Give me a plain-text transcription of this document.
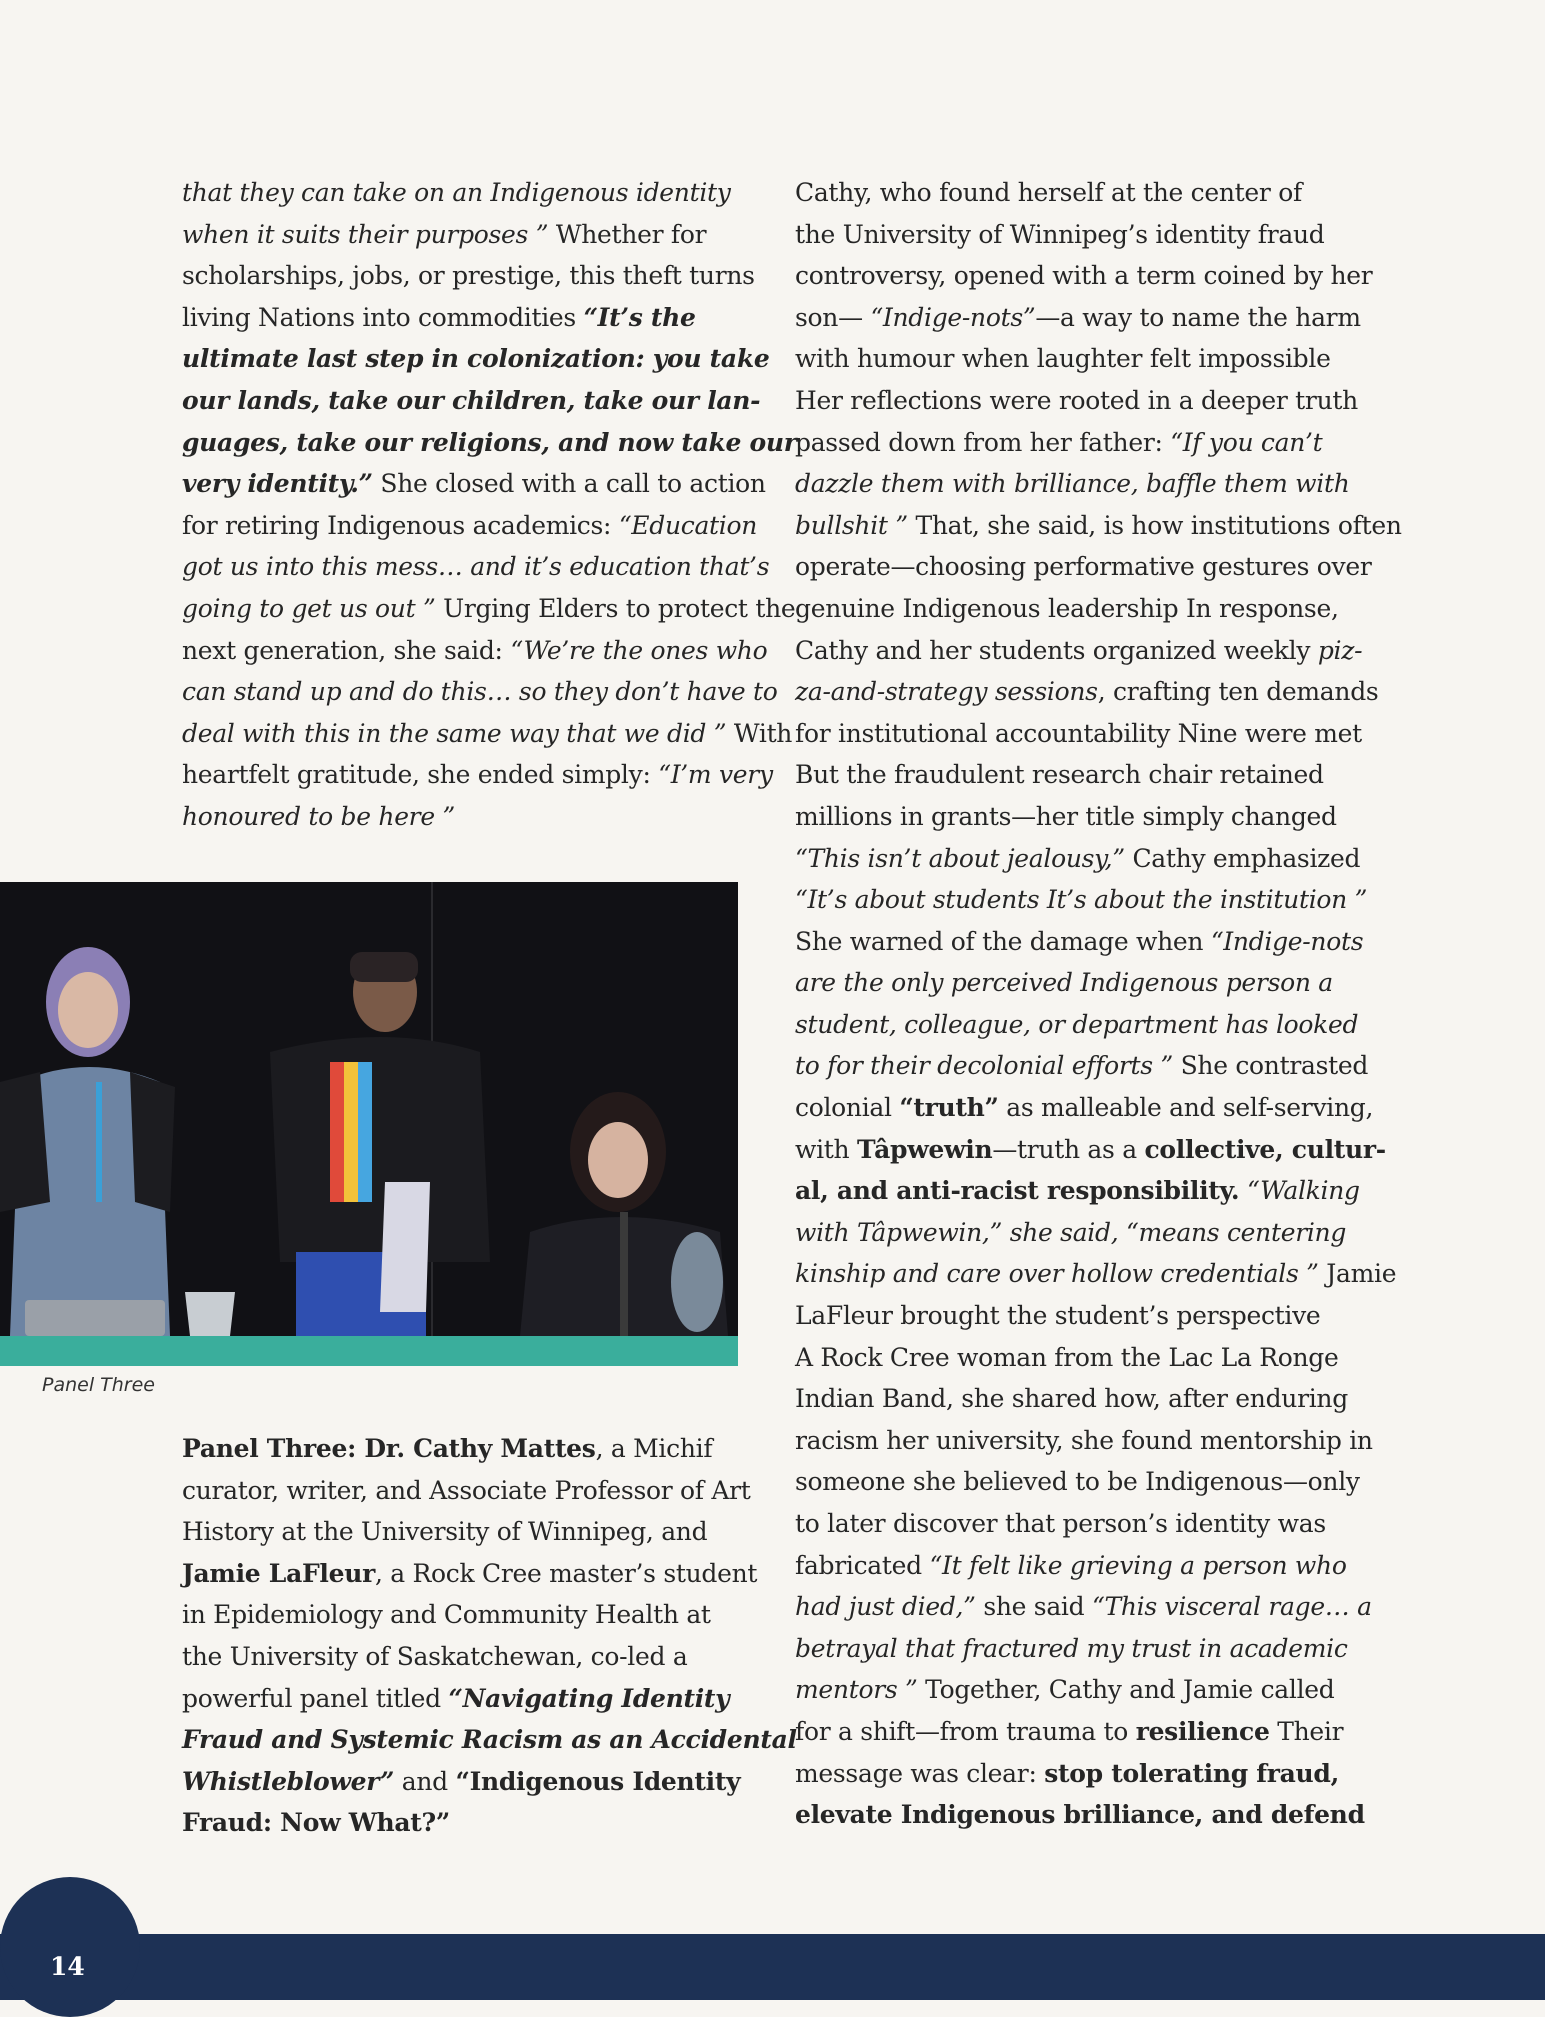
that they can take on an Indigenous identity
when it suits their purposes ” Whether for
scholarships, jobs, or prestige, this theft turns
living Nations into commodities “It’s the
ultimate last step in colonization: you take
our lands, take our children, take our lan-
guages, take our religions, and now take our
very identity.” She closed with a call to action
for retiring Indigenous academics: “Education
got us into this mess… and it’s education that’s
going to get us out ” Urging Elders to protect the
next generation, she said: “We’re the ones who
can stand up and do this… so they don’t have to
deal with this in the same way that we did ” With
heartfelt gratitude, she ended simply: “I’m very
honoured to be here ”
Panel Three
Panel Three: Dr. Cathy Mattes, a Michif
curator, writer, and Associate Professor of Art
History at the University of Winnipeg, and
Jamie LaFleur, a Rock Cree master’s student
in Epidemiology and Community Health at
the University of Saskatchewan, co-led a
powerful panel titled “Navigating Identity
Fraud and Systemic Racism as an Accidental
Whistleblower” and “Indigenous Identity
Fraud: Now What?”
Cathy, who found herself at the center of
the University of Winnipeg’s identity fraud
controversy, opened with a term coined by her
son— “Indige-nots”—a way to name the harm
with humour when laughter felt impossible
Her reflections were rooted in a deeper truth
passed down from her father: “If you can’t
dazzle them with brilliance, baffle them with
bullshit ” That, she said, is how institutions often
operate—choosing performative gestures over
genuine Indigenous leadership In response,
Cathy and her students organized weekly piz-
za-and-strategy sessions, crafting ten demands
for institutional accountability Nine were met
But the fraudulent research chair retained
millions in grants—her title simply changed
“This isn’t about jealousy,” Cathy emphasized
“It’s about students It’s about the institution ”
She warned of the damage when “Indige-nots
are the only perceived Indigenous person a
student, colleague, or department has looked
to for their decolonial efforts ” She contrasted
colonial “truth” as malleable and self-serving,
with Tâpwewin—truth as a collective, cultur-
al, and anti-racist responsibility. “Walking
with Tâpwewin,” she said, “means centering
kinship and care over hollow credentials ” Jamie
LaFleur brought the student’s perspective
A Rock Cree woman from the Lac La Ronge
Indian Band, she shared how, after enduring
racism her university, she found mentorship in
someone she believed to be Indigenous—only
to later discover that person’s identity was
fabricated “It felt like grieving a person who
had just died,” she said “This visceral rage… a
betrayal that fractured my trust in academic
mentors ” Together, Cathy and Jamie called
for a shift—from trauma to resilience Their
message was clear: stop tolerating fraud,
elevate Indigenous brilliance, and defend
14
